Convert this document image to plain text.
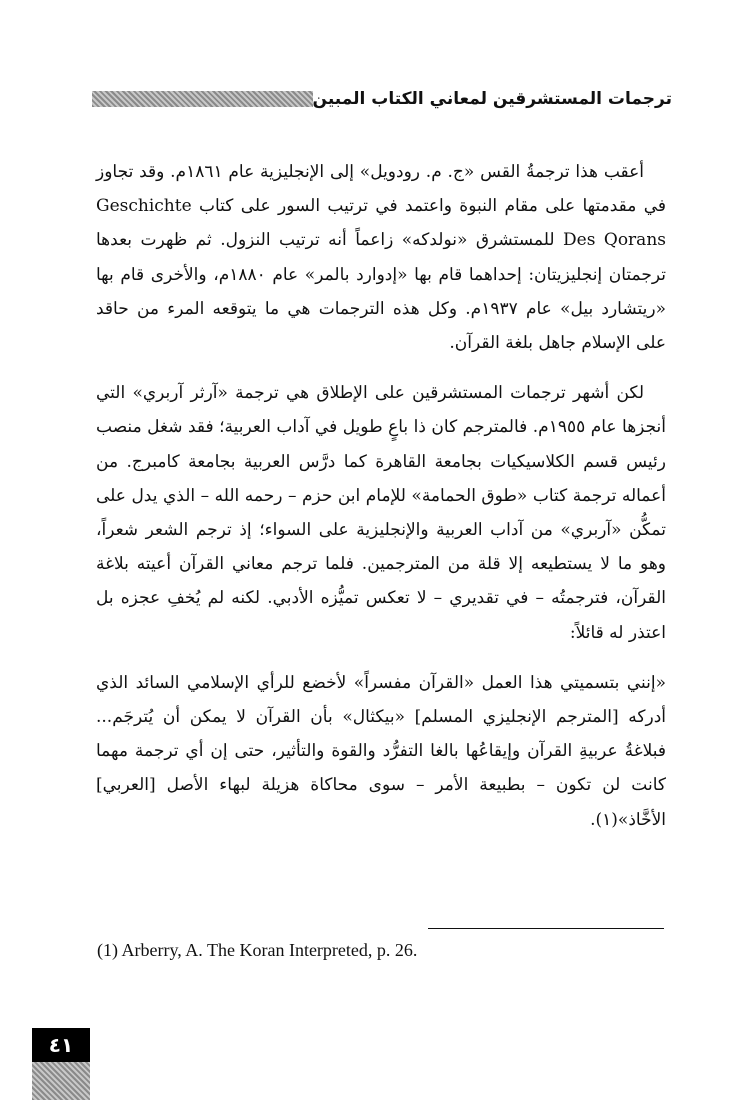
ترجمات المستشرقين لمعاني الكتاب المبين

أعقب هذا ترجمةُ القس «ج. م. رودويل» إلى الإنجليزية عام ١٨٦١م. وقد تجاوز في مقدمتها على مقام النبوة واعتمد في ترتيب السور على كتاب Geschichte Des Qorans للمستشرق «نولدكه» زاعماً أنه ترتيب النزول. ثم ظهرت بعدها ترجمتان إنجليزيتان: إحداهما قام بها «إدوارد بالمر» عام ١٨٨٠م، والأخرى قام بها «ريتشارد بيل» عام ١٩٣٧م. وكل هذه الترجمات هي ما يتوقعه المرء من حاقد على الإسلام جاهل بلغة القرآن.

لكن أشهر ترجمات المستشرقين على الإطلاق هي ترجمة «آرثر آربري» التي أنجزها عام ١٩٥٥م. فالمترجم كان ذا باعٍ طويل في آداب العربية؛ فقد شغل منصب رئيس قسم الكلاسيكيات بجامعة القاهرة كما درَّس العربية بجامعة كامبرج. من أعماله ترجمة كتاب «طوق الحمامة» للإمام ابن حزم – رحمه الله – الذي يدل على تمكُّن «آربري» من آداب العربية والإنجليزية على السواء؛ إذ ترجم الشعر شعراً، وهو ما لا يستطيعه إلا قلة من المترجمين. فلما ترجم معاني القرآن أعيته بلاغة القرآن، فترجمتُه – في تقديري – لا تعكس تميُّزه الأدبي. لكنه لم يُخفِ عجزه بل اعتذر له قائلاً:

«إنني بتسميتي هذا العمل «القرآن مفسراً» لأخضع للرأي الإسلامي السائد الذي أدركه [المترجم الإنجليزي المسلم] «بيكثال» بأن القرآن لا يمكن أن يُترجَم... فبلاغةُ عربيةِ القرآن وإيقاعُها بالغا التفرُّد والقوة والتأثير، حتى إن أي ترجمة مهما كانت لن تكون – بطبيعة الأمر – سوى محاكاة هزيلة لبهاء الأصل [العربي] الأخَّاذ»(١).

(1) Arberry, A. The Koran Interpreted, p. 26.
٤١
